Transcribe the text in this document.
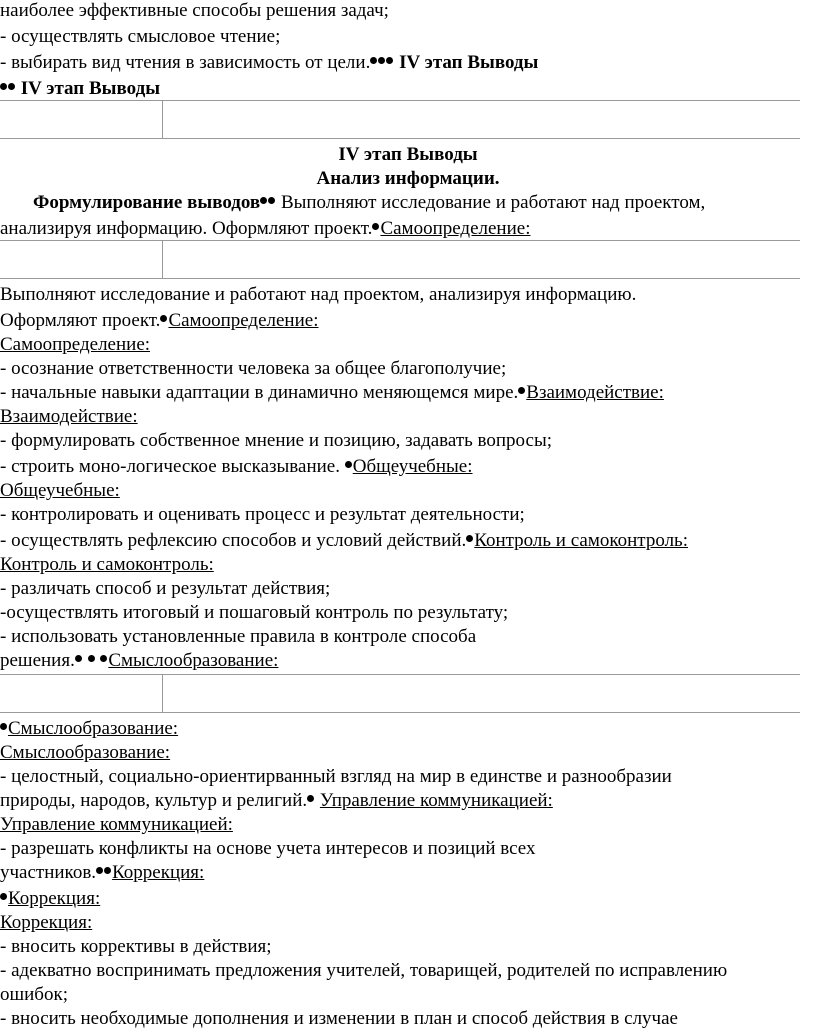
наиболее эффективные способы решения задач;
- осуществлять смысловое чтение;
- выбирать вид чтения в зависимость от цели. IV этап Выводы
IV этап Выводы
IV этап Выводы
Анализ информации.
Формулирование выводов Выполняют исследование и работают над проектом,
анализируя информацию. Оформляют проект. Самоопределение:
Выполняют исследование и работают над проектом, анализируя информацию.
Оформляют проект. Самоопределение:
Самоопределение:
- осознание ответственности человека за общее благополучие;
- начальные навыки адаптации в динамично меняющемся мире. Взаимодействие:
Взаимодействие:
- формулировать собственное мнение и позицию, задавать вопросы;
- строить моно-логическое высказывание. Общеучебные:
Общеучебные:
- контролировать и оценивать процесс и результат деятельности;
- осуществлять рефлексию способов и условий действий. Контроль и самоконтроль:
Контроль и самоконтроль:
- различать способ и результат действия;
-осуществлять итоговый и пошаговый контроль по результату;
- использовать установленные правила в контроле способа
решения. Смыслообразование:
Смыслообразование:
Смыслообразование:
- целостный, социально-ориентирванный взгляд на мир в единстве и разнообразии
природы, народов, культур и религий. Управление коммуникацией:
Управление коммуникацией:
- разрешать конфликты на основе учета интересов и позиций всех
участников. Коррекция:
Коррекция:
Коррекция:
- вносить коррективы в действия;
- адекватно воспринимать предложения учителей, товарищей, родителей по исправлению
ошибок;
- вносить необходимые дополнения и изменении в план и способ действия в случае
